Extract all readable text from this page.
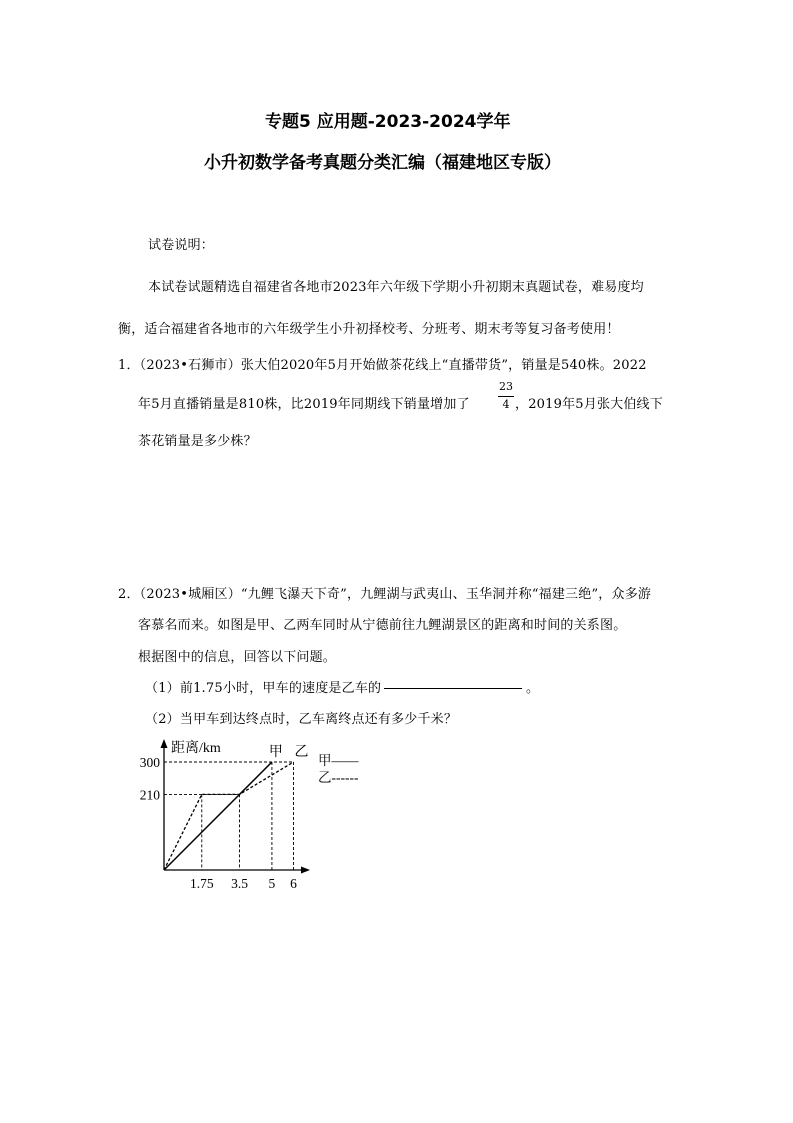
专题5 应用题-2023-2024学年
小升初数学备考真题分类汇编（福建地区专版）
试卷说明：
本试卷试题精选自福建省各地市2023年六年级下学期小升初期末真题试卷，难易度均
衡，适合福建省各地市的六年级学生小升初择校考、分班考、期末考等复习备考使用！
1．（2023•石狮市）张大伯2020年5月开始做茶花线上“直播带货”，销量是540株。2022
年5月直播销量是810株，比2019年同期线下销量增加了
23
4 ，2019年5月张大伯线下
茶花销量是多少株？
2．（2023•城厢区）“九鲤飞瀑天下奇”，九鲤湖与武夷山、玉华洞并称“福建三绝”，众多游
客慕名而来。如图是甲、乙两车同时从宁德前往九鲤湖景区的距离和时间的关系图。
根据图中的信息，回答以下问题。
（1）前1.75小时，甲车的速度是乙车的	。
（2）当甲车到达终点时，乙车离终点还有多少千米？
距离/km
1.75 3.5 5 6
300
210
甲 乙
甲——
乙------
